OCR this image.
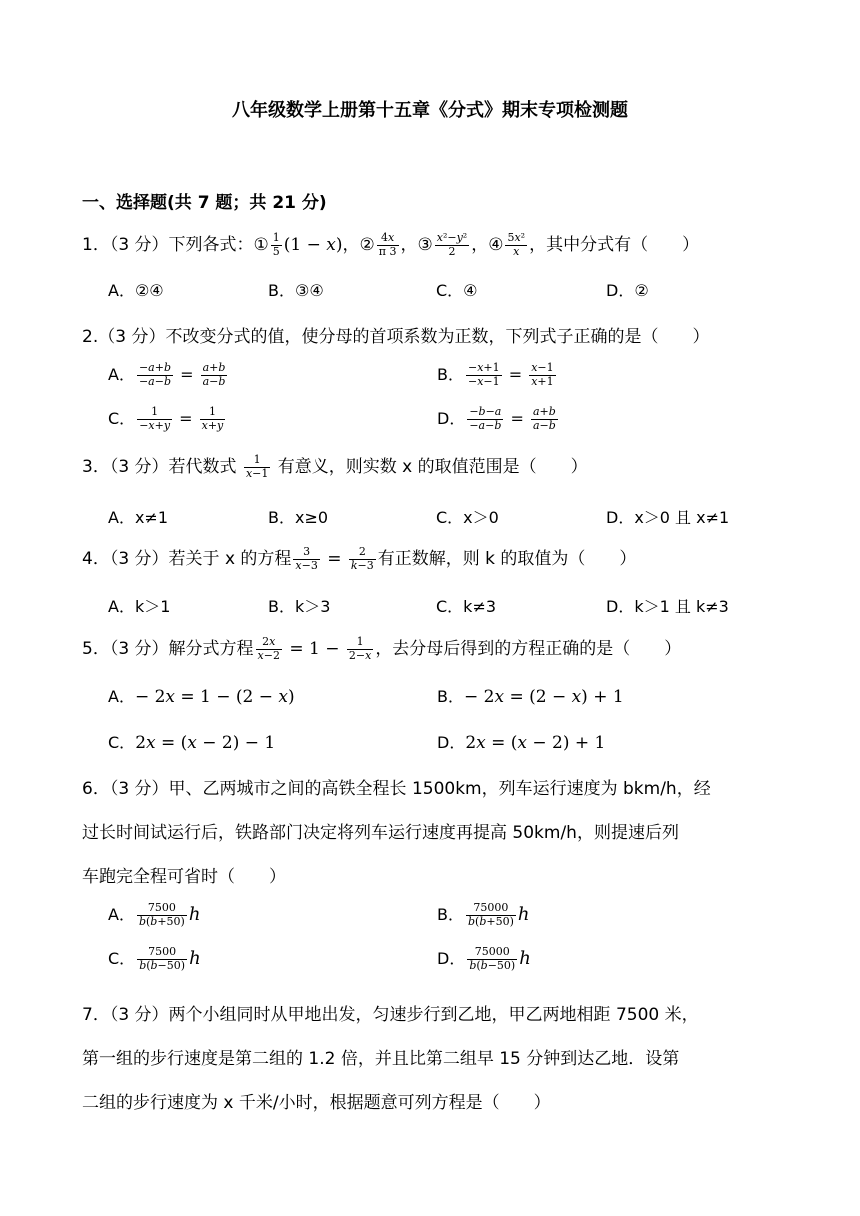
八年级数学上册第十五章《分式》期末专项检测题
一、选择题(共 7 题；共 21 分)
1．（3 分）下列各式：① $\frac{1}{5} (1$ − 𝑥)，② $\frac{\text{4𝑥}}{\pi 3}$ ，③ $\frac{\text{𝑥²−𝑦²}}{2}$ ，④ $\frac{\text{5𝑥²}}{\text{𝑥}}$ ，其中分式有（　　）
A．②④	B．③④	C．④	D．②
2.（3 分）不改变分式的值，使分母的首项系数为正数，下列式子正确的是（　　）
A． $\frac{\text{−𝑎+𝑏}}{\text{−𝑎−𝑏}} = \frac{\text{𝑎+𝑏}}{\text{𝑎−𝑏}}$	B． $\frac{\text{−𝑥+1}}{\text{−𝑥−1}} = \frac{\text{𝑥−1}}{\text{𝑥+1}}$
C． $\frac{1}{\text{−𝑥+𝑦}} = \frac{1}{\text{𝑥+𝑦}}$	D． $\frac{\text{−𝑏−𝑎}}{\text{−𝑎−𝑏}} = \frac{\text{𝑎+𝑏}}{\text{𝑎−𝑏}}$
3．（3 分）若代数式 $\frac{1}{\text{𝑥−1}}$ 有意义，则实数 x 的取值范围是（　　）
A．x≠1	B．x≥0	C．x＞0	D．x＞0 且 x≠1
4．（3 分）若关于 x 的方程 $\frac{3}{\text{𝑥−3}} = \frac{2}{\text{𝑘−3}}$ 有正数解，则 k 的取值为（　　）
A．k＞1	B．k＞3	C．k≠3	D．k＞1 且 k≠3
5．（3 分）解分式方程 $\frac{\text{2𝑥}}{\text{𝑥−2}} = 1 - \frac{1}{\text{2−𝑥}}$ ，去分母后得到的方程正确的是（　　）
A．− 2𝑥 = 1 − (2 − 𝑥)	B．− 2𝑥 = (2 − 𝑥) + 1
C．2𝑥 = (𝑥 − 2) − 1	D．2𝑥 = (𝑥 − 2) + 1
6．（3 分）甲、乙两城市之间的高铁全程长 1500km，列车运行速度为 bkm/h，经
过长时间试运行后，铁路部门决定将列车运行速度再提高 50km/h，则提速后列
车跑完全程可省时（　　）
A． $\frac{7500}{\text{𝑏(𝑏+50)}}$ ℎ	B． $\frac{75000}{\text{𝑏(𝑏+50)}}$ ℎ
C． $\frac{7500}{\text{𝑏(𝑏−50)}}$ ℎ	D． $\frac{75000}{\text{𝑏(𝑏−50)}}$ ℎ
7．（3 分）两个小组同时从甲地出发，匀速步行到乙地，甲乙两地相距 7500 米，
第一组的步行速度是第二组的 1.2 倍，并且比第二组早 15 分钟到达乙地．设第
二组的步行速度为 x 千米/小时，根据题意可列方程是（　　）
